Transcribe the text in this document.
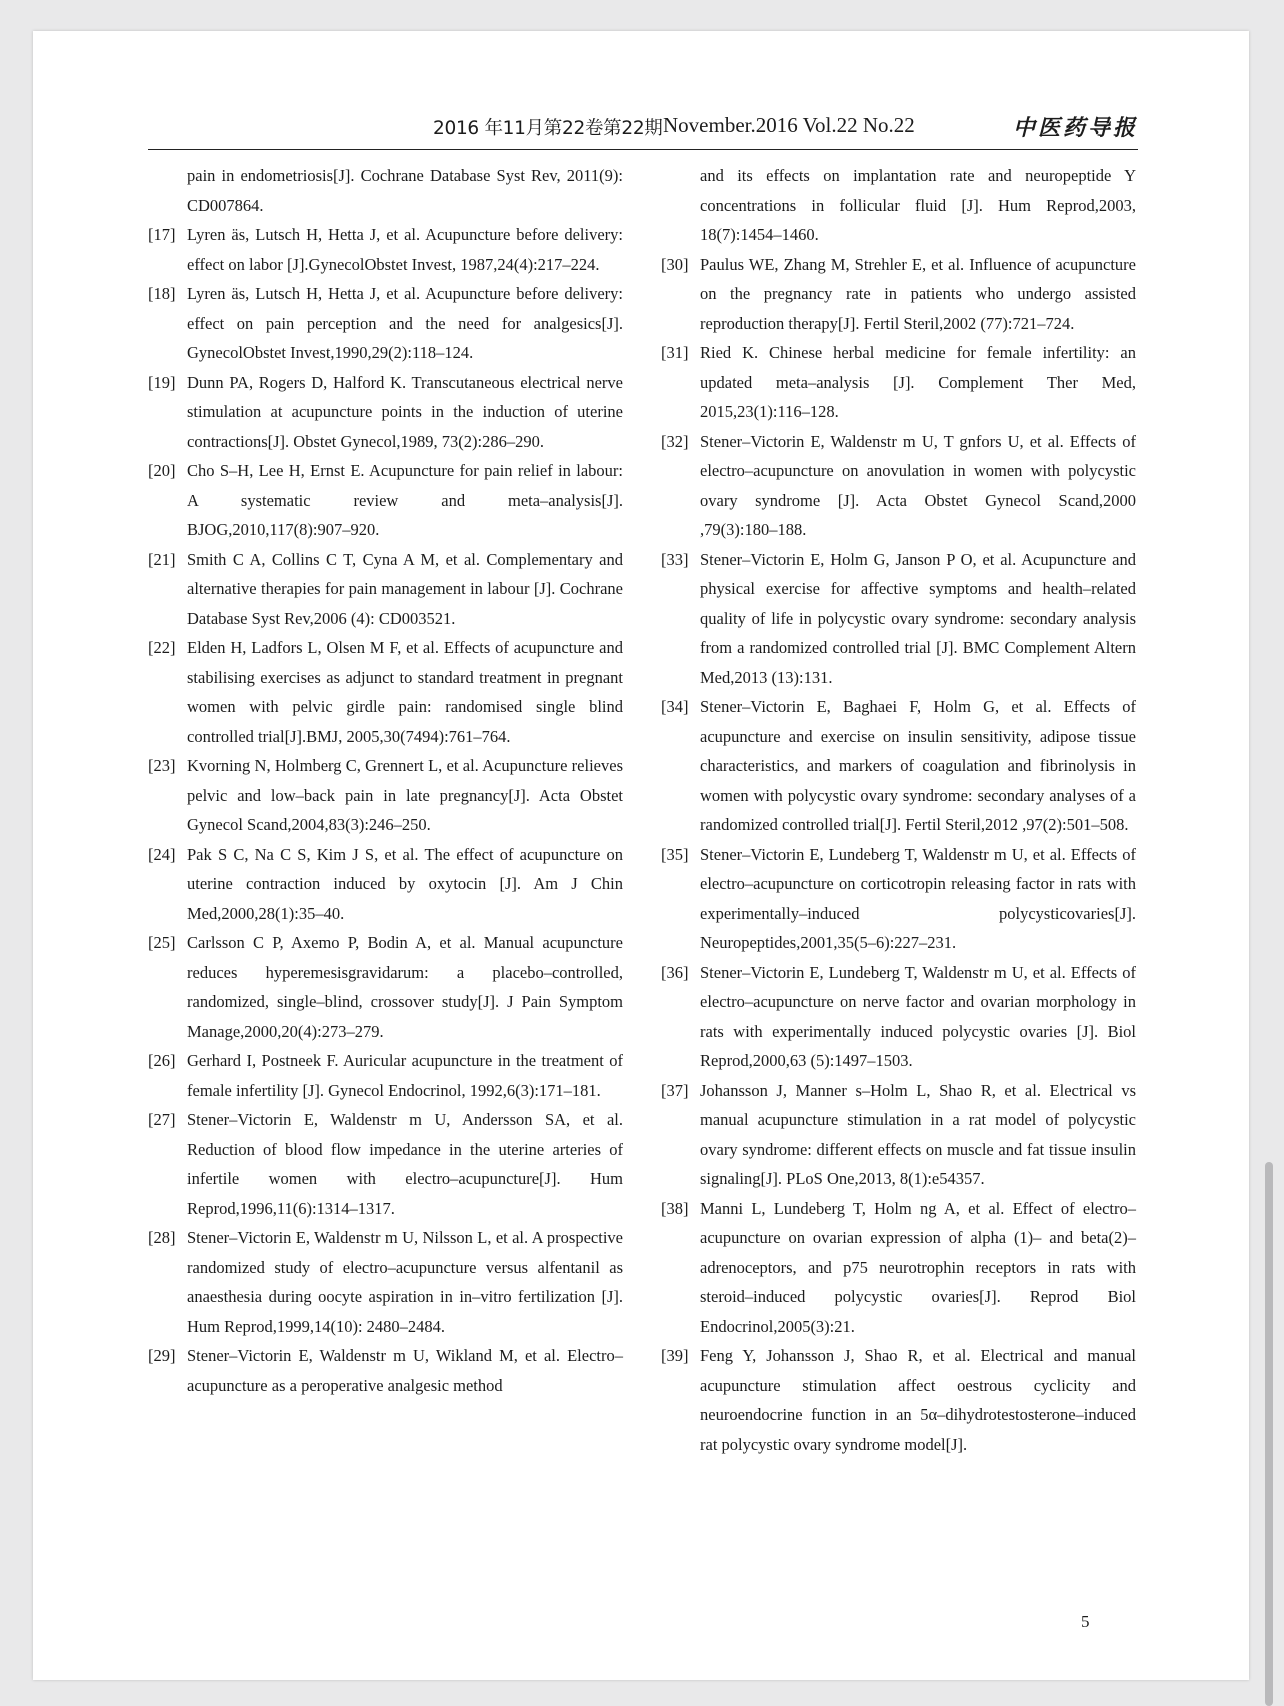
2016 年11月第22卷第22期 November.2016 Vol.22 No.22	中医药导报

pain in endometriosis[J]. Cochrane Database Syst Rev, 2011(9): CD007864.

[17] Lyren äs, Lutsch H, Hetta J, et al. Acupuncture before delivery: effect on labor [J].GynecolObstet Invest, 1987,24(4):217–224.

[18] Lyren äs, Lutsch H, Hetta J, et al. Acupuncture before delivery: effect on pain perception and the need for analgesics[J]. GynecolObstet Invest,1990,29(2):118–124.

[19] Dunn PA, Rogers D, Halford K. Transcutaneous electrical nerve stimulation at acupuncture points in the induction of uterine contractions[J]. Obstet Gynecol,1989, 73(2):286–290.

[20] Cho S–H, Lee H, Ernst E. Acupuncture for pain relief in labour: A systematic review and meta–analysis[J]. BJOG,2010,117(8):907–920.

[21] Smith C A, Collins C T, Cyna A M, et al. Complementary and alternative therapies for pain management in labour [J]. Cochrane Database Syst Rev,2006 (4): CD003521.

[22] Elden H, Ladfors L, Olsen M F, et al. Effects of acupuncture and stabilising exercises as adjunct to standard treatment in pregnant women with pelvic girdle pain: randomised single blind controlled trial[J].BMJ, 2005,30(7494):761–764.

[23] Kvorning N, Holmberg C, Grennert L, et al. Acupuncture relieves pelvic and low–back pain in late pregnancy[J]. Acta Obstet Gynecol Scand,2004,83(3):246–250.

[24] Pak S C, Na C S, Kim J S, et al. The effect of acupuncture on uterine contraction induced by oxytocin [J]. Am J Chin Med,2000,28(1):35–40.

[25] Carlsson C P, Axemo P, Bodin A, et al. Manual acupuncture reduces hyperemesisgravidarum: a placebo–controlled, randomized, single–blind, crossover study[J]. J Pain Symptom Manage,2000,20(4):273–279.

[26] Gerhard I, Postneek F. Auricular acupuncture in the treatment of female infertility [J]. Gynecol Endocrinol, 1992,6(3):171–181.

[27] Stener–Victorin E, Waldenstr m U, Andersson SA, et al. Reduction of blood flow impedance in the uterine arteries of infertile women with electro–acupuncture[J]. Hum Reprod,1996,11(6):1314–1317.

[28] Stener–Victorin E, Waldenstr m U, Nilsson L, et al. A prospective randomized study of electro–acupuncture versus alfentanil as anaesthesia during oocyte aspiration in in–vitro fertilization [J]. Hum Reprod,1999,14(10): 2480–2484.

[29] Stener–Victorin E, Waldenstr m U, Wikland M, et al. Electro–acupuncture as a peroperative analgesic method

and its effects on implantation rate and neuropeptide Y concentrations in follicular fluid [J]. Hum Reprod,2003, 18(7):1454–1460.

[30] Paulus WE, Zhang M, Strehler E, et al. Influence of acupuncture on the pregnancy rate in patients who undergo assisted reproduction therapy[J]. Fertil Steril,2002 (77):721–724.

[31] Ried K. Chinese herbal medicine for female infertility: an updated meta–analysis [J]. Complement Ther Med, 2015,23(1):116–128.

[32] Stener–Victorin E, Waldenstr m U, T gnfors U, et al. Effects of electro–acupuncture on anovulation in women with polycystic ovary syndrome [J]. Acta Obstet Gynecol Scand,2000 ,79(3):180–188.

[33] Stener–Victorin E, Holm G, Janson P O, et al. Acupuncture and physical exercise for affective symptoms and health–related quality of life in polycystic ovary syndrome: secondary analysis from a randomized controlled trial [J]. BMC Complement Altern Med,2013 (13):131.

[34] Stener–Victorin E, Baghaei F, Holm G, et al. Effects of acupuncture and exercise on insulin sensitivity, adipose tissue characteristics, and markers of coagulation and fibrinolysis in women with polycystic ovary syndrome: secondary analyses of a randomized controlled trial[J]. Fertil Steril,2012 ,97(2):501–508.

[35] Stener–Victorin E, Lundeberg T, Waldenstr m U, et al. Effects of electro–acupuncture on corticotropin releasing factor in rats with experimentally–induced polycysticovaries[J]. Neuropeptides,2001,35(5–6):227–231.

[36] Stener–Victorin E, Lundeberg T, Waldenstr m U, et al. Effects of electro–acupuncture on nerve factor and ovarian morphology in rats with experimentally induced polycystic ovaries [J]. Biol Reprod,2000,63 (5):1497–1503.

[37] Johansson J, Manner s–Holm L, Shao R, et al. Electrical vs manual acupuncture stimulation in a rat model of polycystic ovary syndrome: different effects on muscle and fat tissue insulin signaling[J]. PLoS One,2013, 8(1):e54357.

[38] Manni L, Lundeberg T, Holm ng A, et al. Effect of electro–acupuncture on ovarian expression of alpha (1)– and beta(2)–adrenoceptors, and p75 neurotrophin receptors in rats with steroid–induced polycystic ovaries[J]. Reprod Biol Endocrinol,2005(3):21.

[39] Feng Y, Johansson J, Shao R, et al. Electrical and manual acupuncture stimulation affect oestrous cyclicity and neuroendocrine function in an 5α–dihydrotestosterone–induced rat polycystic ovary syndrome model[J].

5
